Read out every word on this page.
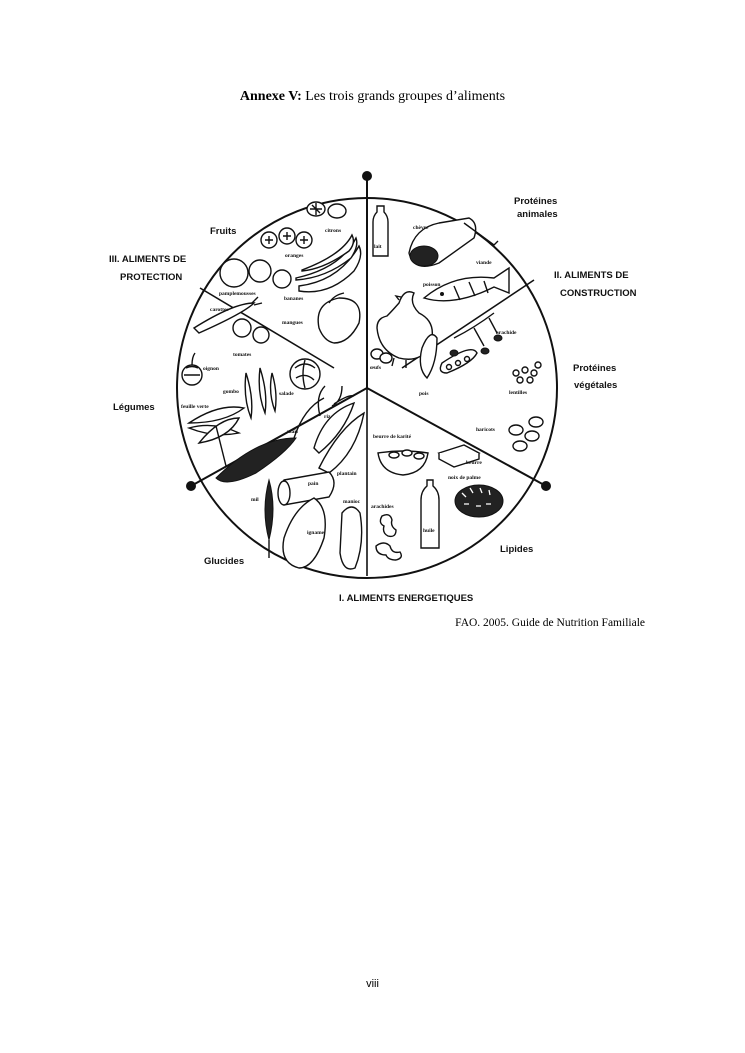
Annexe V: Les trois grands groupes d’aliments
I. ALIMENTS ENERGETIQUES
II. ALIMENTS DE
CONSTRUCTION
III. ALIMENTS DE
PROTECTION
Fruits
Légumes
Glucides
Lipides
Protéines
animales
Protéines
végétales
lait
chèvre
viande
poisson
œufs
pois
arachide
lentilles
haricots
beurre de karité
beurre
noix de palme
huile
arachides
riz
maïs
plantain
pain
manioc
mil
igname
citrons
oranges
pamplemousses
bananes
mangues
carottes
tomates
oignon
gombo	salade
feuille verte
FAO. 2005. Guide de Nutrition Familiale
viii
